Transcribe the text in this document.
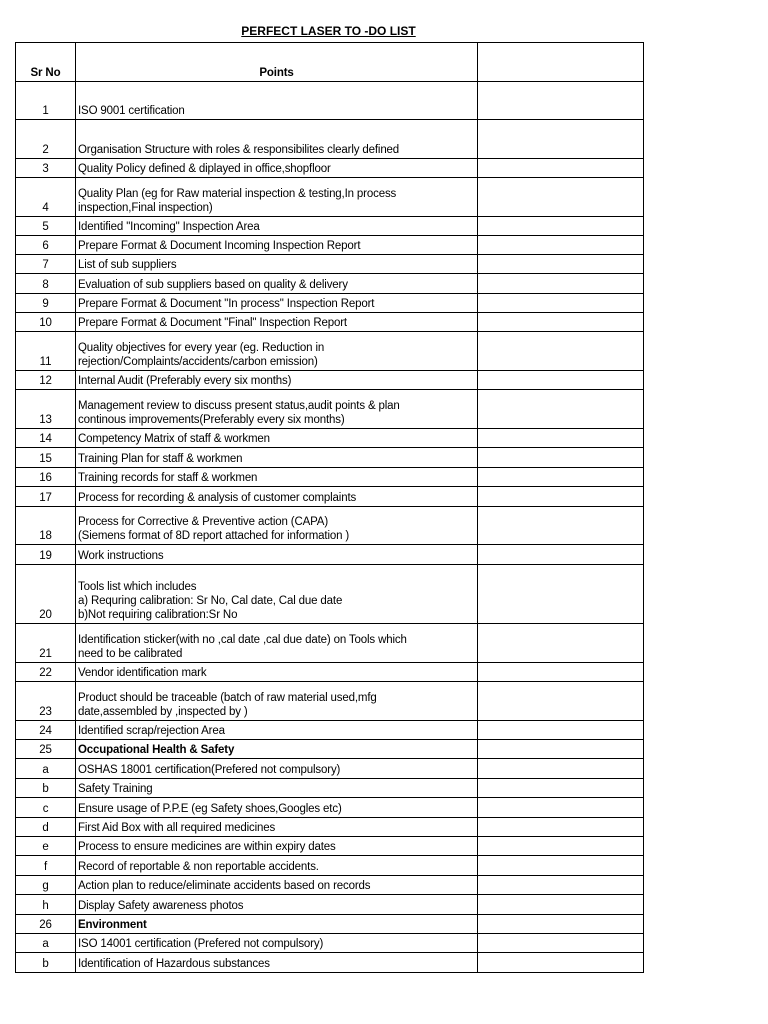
PERFECT LASER TO -DO LIST
Sr No	Points	
1	ISO 9001 certification	

2	Organisation Structure with roles & responsibilites clearly defined	

3	Quality Policy defined & diplayed in office,shopfloor	

4	Quality Plan (eg for Raw material inspection & testing,In process
inspection,Final inspection)	

5	Identified "Incoming" Inspection Area	

6	Prepare Format & Document Incoming Inspection Report	

7	List of sub suppliers	

8	Evaluation of sub suppliers based on quality & delivery	

9	Prepare Format & Document "In process" Inspection Report	

10	Prepare Format & Document "Final" Inspection Report	

11	Quality objectives for every year (eg. Reduction in
rejection/Complaints/accidents/carbon emission)	

12	Internal Audit (Preferably every six months)	

13	Management review to discuss present status,audit points & plan
continous improvements(Preferably every six months)	

14	Competency Matrix of staff & workmen	

15	Training Plan for staff & workmen	

16	Training records for staff & workmen	

17	Process for recording & analysis of customer complaints	

18	Process for Corrective & Preventive action (CAPA)
(Siemens format of 8D report attached for information )	

19	Work instructions	

20	Tools list which includes
a) Requring calibration: Sr No, Cal date, Cal due date
b)Not requiring calibration:Sr No	

21	Identification sticker(with no ,cal date ,cal due date) on Tools which
need to be calibrated	

22	Vendor identification mark	

23	Product should be traceable (batch of raw material used,mfg
date,assembled by ,inspected by )	

24	Identified scrap/rejection Area	

25	Occupational Health & Safety	

a	OSHAS 18001 certification(Prefered not compulsory)	

b	Safety Training	

c	Ensure usage of P.P.E (eg Safety shoes,Googles etc)	

d	First Aid Box with all required medicines	

e	Process to ensure medicines are within expiry dates	

f	Record of reportable & non reportable accidents.	

g	Action plan to reduce/eliminate accidents based on records	

h	Display Safety awareness photos	

26	Environment	

a	ISO 14001 certification (Prefered not compulsory)	

b	Identification of Hazardous substances	
